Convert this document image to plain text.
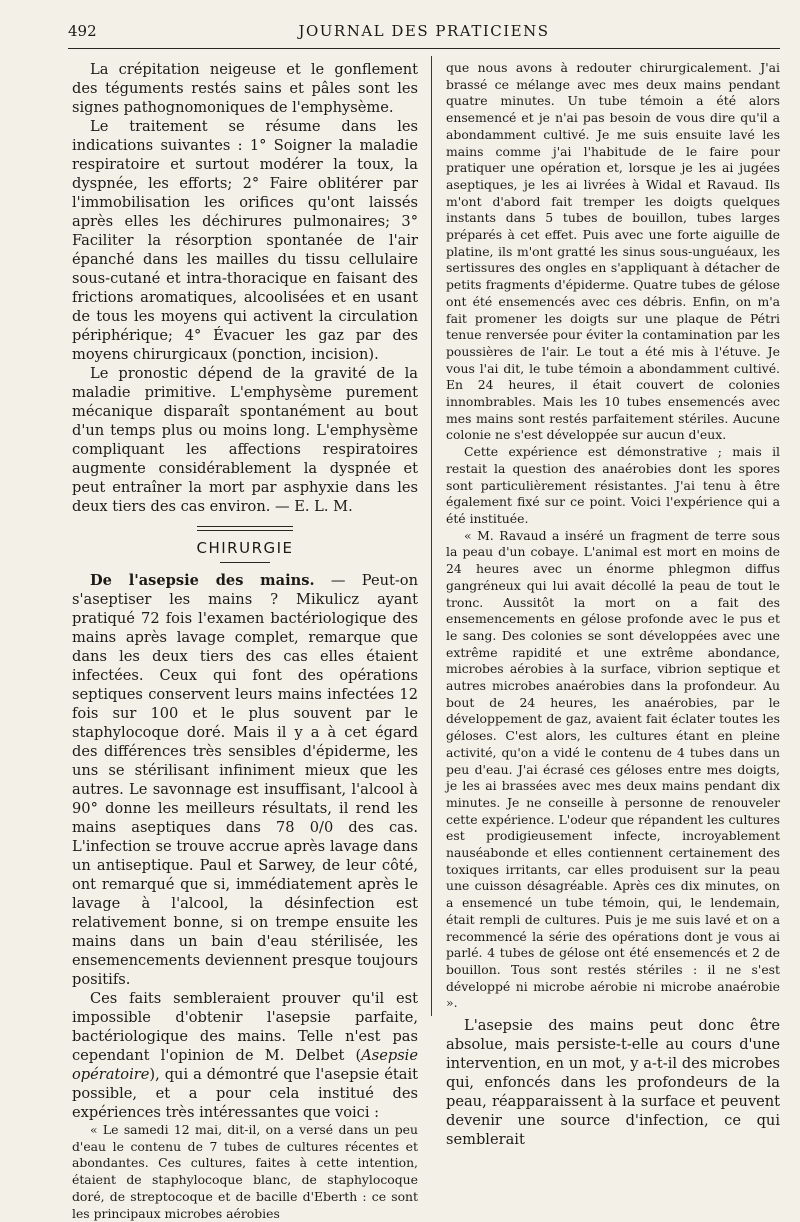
492	JOURNAL DES PRATICIENS

La crépitation neigeuse et le gonflement des téguments restés sains et pâles sont les signes pathognomoniques de l'emphysème.

Le traitement se résume dans les indications suivantes : 1° Soigner la maladie respiratoire et surtout modérer la toux, la dyspnée, les efforts; 2° Faire oblitérer par l'immobilisation les orifices qu'ont laissés après elles les déchirures pulmonaires; 3° Faciliter la résorption spontanée de l'air épanché dans les mailles du tissu cellulaire sous-cutané et intra-thoracique en faisant des frictions aromatiques, alcoolisées et en usant de tous les moyens qui activent la circulation périphérique; 4° Évacuer les gaz par des moyens chirurgicaux (ponction, incision).

Le pronostic dépend de la gravité de la maladie primitive. L'emphysème purement mécanique disparaît spontanément au bout d'un temps plus ou moins long. L'emphysème compliquant les affections respiratoires augmente considérablement la dyspnée et peut entraîner la mort par asphyxie dans les deux tiers des cas environ. — E. L. M.

CHIRURGIE

De l'asepsie des mains. — Peut-on s'aseptiser les mains ? Mikulicz ayant pratiqué 72 fois l'examen bactériologique des mains après lavage complet, remarque que dans les deux tiers des cas elles étaient infectées. Ceux qui font des opérations septiques conservent leurs mains infectées 12 fois sur 100 et le plus souvent par le staphylocoque doré. Mais il y a à cet égard des différences très sensibles d'épiderme, les uns se stérilisant infiniment mieux que les autres. Le savonnage est insuffisant, l'alcool à 90° donne les meilleurs résultats, il rend les mains aseptiques dans 78 0/0 des cas. L'infection se trouve accrue après lavage dans un antiseptique. Paul et Sarwey, de leur côté, ont remarqué que si, immédiatement après le lavage à l'alcool, la désinfection est relativement bonne, si on trempe ensuite les mains dans un bain d'eau stérilisée, les ensemencements deviennent presque toujours positifs.

Ces faits sembleraient prouver qu'il est impossible d'obtenir l'asepsie parfaite, bactériologique des mains. Telle n'est pas cependant l'opinion de M. Delbet (Asepsie opératoire), qui a démontré que l'asepsie était possible, et a pour cela institué des expériences très intéressantes que voici :

« Le samedi 12 mai, dit-il, on a versé dans un peu d'eau le contenu de 7 tubes de cultures récentes et abondantes. Ces cultures, faites à cette intention, étaient de staphylocoque blanc, de staphylocoque doré, de streptocoque et de bacille d'Eberth : ce sont les principaux microbes aérobies

que nous avons à redouter chirurgicalement. J'ai brassé ce mélange avec mes deux mains pendant quatre minutes. Un tube témoin a été alors ensemencé et je n'ai pas besoin de vous dire qu'il a abondamment cultivé. Je me suis ensuite lavé les mains comme j'ai l'habitude de le faire pour pratiquer une opération et, lorsque je les ai jugées aseptiques, je les ai livrées à Widal et Ravaud. Ils m'ont d'abord fait tremper les doigts quelques instants dans 5 tubes de bouillon, tubes larges préparés à cet effet. Puis avec une forte aiguille de platine, ils m'ont gratté les sinus sous-unguéaux, les sertissures des ongles en s'appliquant à détacher de petits fragments d'épiderme. Quatre tubes de gélose ont été ensemencés avec ces débris. Enfin, on m'a fait promener les doigts sur une plaque de Pétri tenue renversée pour éviter la contamination par les poussières de l'air. Le tout a été mis à l'étuve. Je vous l'ai dit, le tube témoin a abondamment cultivé. En 24 heures, il était couvert de colonies innombrables. Mais les 10 tubes ensemencés avec mes mains sont restés parfaitement stériles. Aucune colonie ne s'est développée sur aucun d'eux.

Cette expérience est démonstrative ; mais il restait la question des anaérobies dont les spores sont particulièrement résistantes. J'ai tenu à être également fixé sur ce point. Voici l'expérience qui a été instituée.

« M. Ravaud a inséré un fragment de terre sous la peau d'un cobaye. L'animal est mort en moins de 24 heures avec un énorme phlegmon diffus gangréneux qui lui avait décollé la peau de tout le tronc. Aussitôt la mort on a fait des ensemencements en gélose profonde avec le pus et le sang. Des colonies se sont développées avec une extrême rapidité et une extrême abondance, microbes aérobies à la surface, vibrion septique et autres microbes anaérobies dans la profondeur. Au bout de 24 heures, les anaérobies, par le développement de gaz, avaient fait éclater toutes les géloses. C'est alors, les cultures étant en pleine activité, qu'on a vidé le contenu de 4 tubes dans un peu d'eau. J'ai écrasé ces géloses entre mes doigts, je les ai brassées avec mes deux mains pendant dix minutes. Je ne conseille à personne de renouveler cette expérience. L'odeur que répandent les cultures est prodigieusement infecte, incroyablement nauséabonde et elles contiennent certainement des toxiques irritants, car elles produisent sur la peau une cuisson désagréable. Après ces dix minutes, on a ensemencé un tube témoin, qui, le lendemain, était rempli de cultures. Puis je me suis lavé et on a recommencé la série des opérations dont je vous ai parlé. 4 tubes de gélose ont été ensemencés et 2 de bouillon. Tous sont restés stériles : il ne s'est développé ni microbe aérobie ni microbe anaérobie ».

L'asepsie des mains peut donc être absolue, mais persiste-t-elle au cours d'une intervention, en un mot, y a-t-il des microbes qui, enfoncés dans les profondeurs de la peau, réapparaissent à la surface et peuvent devenir une source d'infection, ce qui semblerait
